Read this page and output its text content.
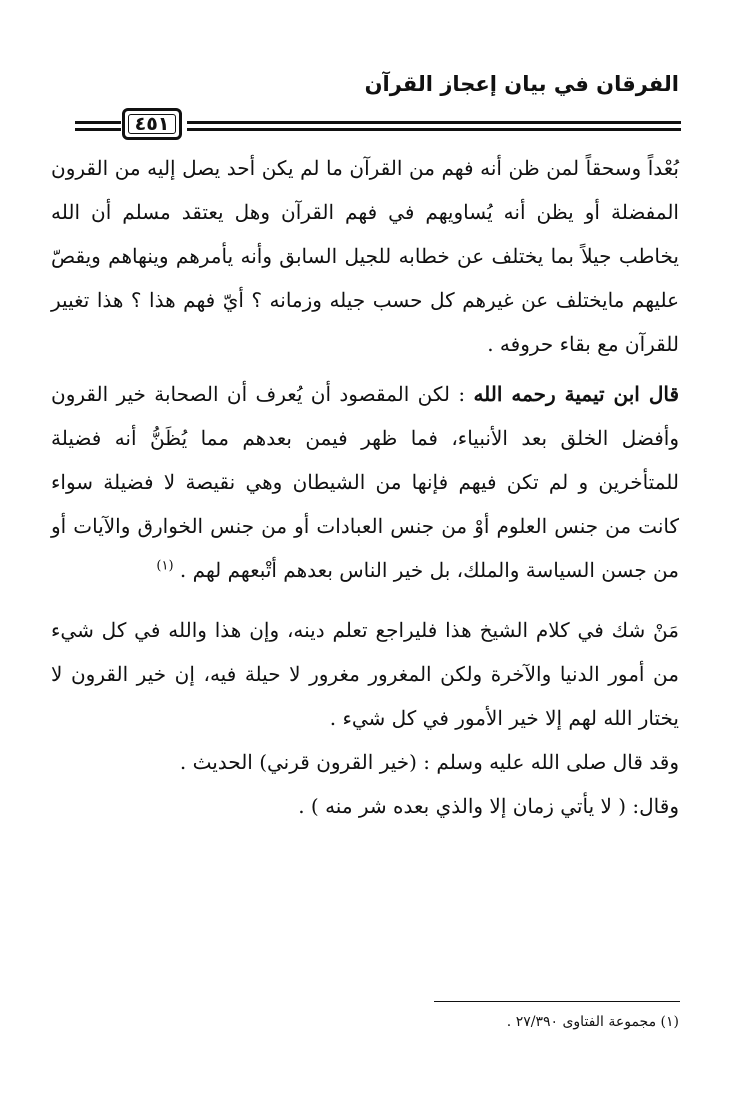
الفرقان في بيان إعجاز القرآن
٤٥١

بُعْداً وسحقاً لمن ظن أنه فهم من القرآن ما لم يكن أحد يصل إليه من القرون المفضلة أو يظن أنه يُساويهم في فهم القرآن وهل يعتقد مسلم أن الله يخاطب جيلاً بما يختلف عن خطابه للجيل السابق وأنه يأمرهم وينهاهم ويقصّ عليهم مايختلف عن غيرهم كل حسب جيله وزمانه ؟ أيّ فهم هذا ؟ هذا تغيير للقرآن مع بقاء حروفه .

قال ابن تيمية رحمه الله : لكن المقصود أن يُعرف أن الصحابة خير القرون وأفضل الخلق بعد الأنبياء، فما ظهر فيمن بعدهم مما يُظَنُّ أنه فضيلة للمتأخرين و لم تكن فيهم فإنها من الشيطان وهي نقيصة لا فضيلة سواء كانت من جنس العلوم أوْ من جنس العبادات أو من جنس الخوارق والآيات أو من جسن السياسة والملك، بل خير الناس بعدهم أتْبعهم لهم . $^{(١)}$

مَنْ شك في كلام الشيخ هذا فليراجع تعلم دينه، وإن هذا والله في كل شيء من أمور الدنيا والآخرة ولكن المغرور مغرور لا حيلة فيه، إن خير القرون لا يختار الله لهم إلا خير الأمور في كل شيء .

وقد قال صلى الله عليه وسلم : (خير القرون قرني) الحديث .

وقال: ( لا يأتي زمان إلا والذي بعده شر منه ) .

(١) مجموعة الفتاوى ٢٧/٣٩٠ .
